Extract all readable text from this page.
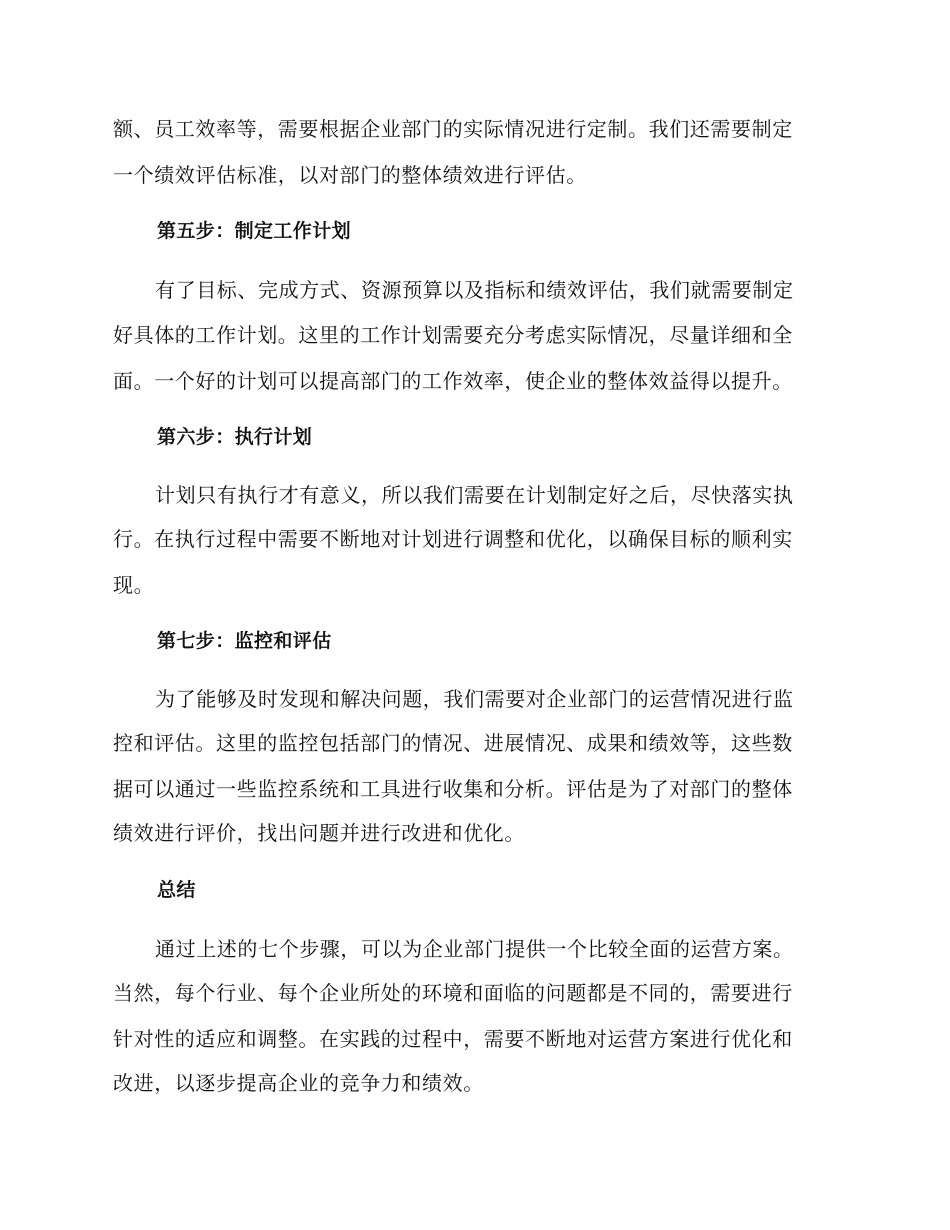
额、员工效率等，需要根据企业部门的实际情况进行定制。我们还需要制定
一个绩效评估标准，以对部门的整体绩效进行评估。
第五步：制定工作计划
有了目标、完成方式、资源预算以及指标和绩效评估，我们就需要制定
好具体的工作计划。这里的工作计划需要充分考虑实际情况，尽量详细和全
面。一个好的计划可以提高部门的工作效率，使企业的整体效益得以提升。
第六步：执行计划
计划只有执行才有意义，所以我们需要在计划制定好之后，尽快落实执
行。在执行过程中需要不断地对计划进行调整和优化，以确保目标的顺利实
现。
第七步：监控和评估
为了能够及时发现和解决问题，我们需要对企业部门的运营情况进行监
控和评估。这里的监控包括部门的情况、进展情况、成果和绩效等，这些数
据可以通过一些监控系统和工具进行收集和分析。评估是为了对部门的整体
绩效进行评价，找出问题并进行改进和优化。
总结
通过上述的七个步骤，可以为企业部门提供一个比较全面的运营方案。
当然，每个行业、每个企业所处的环境和面临的问题都是不同的，需要进行
针对性的适应和调整。在实践的过程中，需要不断地对运营方案进行优化和
改进，以逐步提高企业的竞争力和绩效。
